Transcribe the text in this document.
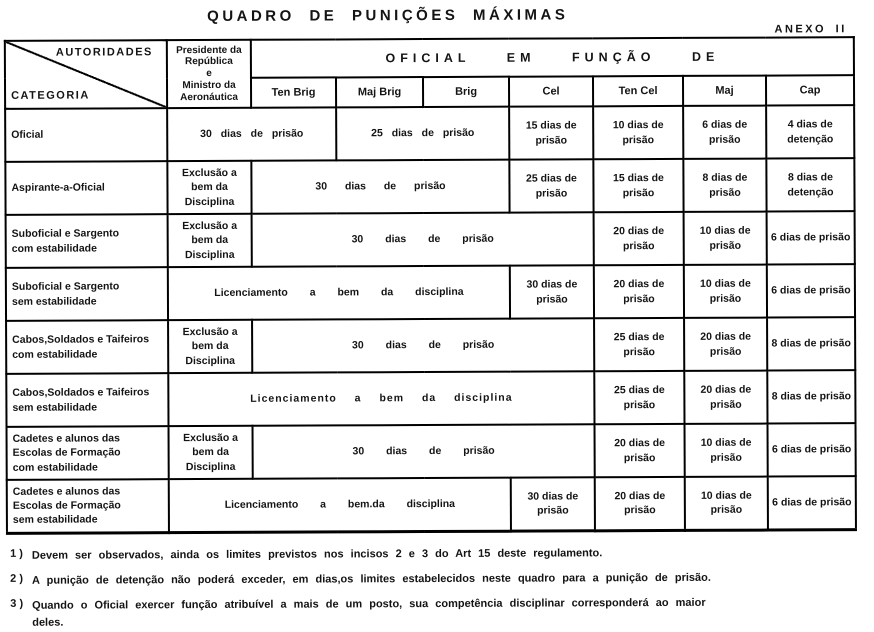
QUADRO DE PUNIÇÕES MÁXIMAS
ANEXO II
AUTORIDADES
CATEGORIA	Presidente da
República
e
Ministro da
Aeronáutica	OFICIAL EM FUNÇÃO DE						
		Ten Brig	Maj Brig	Brig	Cel	Ten Cel	Maj	Cap
Oficial	30 dias de prisão		25 dias de prisão		15 dias de prisão	10 dias de prisão	6 dias de prisão	4 dias de detenção
Aspirante-a-Oficial	Exclusão a bem da Disciplina	30 dias de prisão			25 dias de prisão	15 dias de prisão	8 dias de prisão	8 dias de detenção
Suboficial e Sargento
com estabilidade	Exclusão a bem da Disciplina	30 dias de prisão				20 dias de prisão	10 dias de prisão	6 dias de prisão
Suboficial e Sargento
sem estabilidade	Licenciamento a bem da disciplina				30 dias de prisão	20 dias de prisão	10 dias de prisão	6 dias de prisão
Cabos,Soldados e Taifeiros
com estabilidade	Exclusão a bem da Disciplina	30 dias de prisão				25 dias de prisão	20 dias de prisão	8 dias de prisão
Cabos,Soldados e Taifeiros
sem estabilidade	Licenciamento a bem da disciplina					25 dias de prisão	20 dias de prisão	8 dias de prisão
Cadetes e alunos das
Escolas de Formação
com estabilidade	Exclusão a bem da Disciplina	30 dias de prisão				20 dias de prisão	10 dias de prisão	6 dias de prisão
Cadetes e alunos das
Escolas de Formação
sem estabilidade	Licenciamento a bem.da disciplina				30 dias de prisão	20 dias de prisão	10 dias de prisão	6 dias de prisão
1 ) Devem ser observados, ainda os limites previstos nos incisos 2 e 3 do Art 15 deste regulamento.
2 ) A punição de detenção não poderá exceder, em dias,os limites estabelecidos neste quadro para a punição de prisão.
3 ) Quando o Oficial exercer função atribuível a mais de um posto, sua competência disciplinar corresponderá ao maior
deles.
